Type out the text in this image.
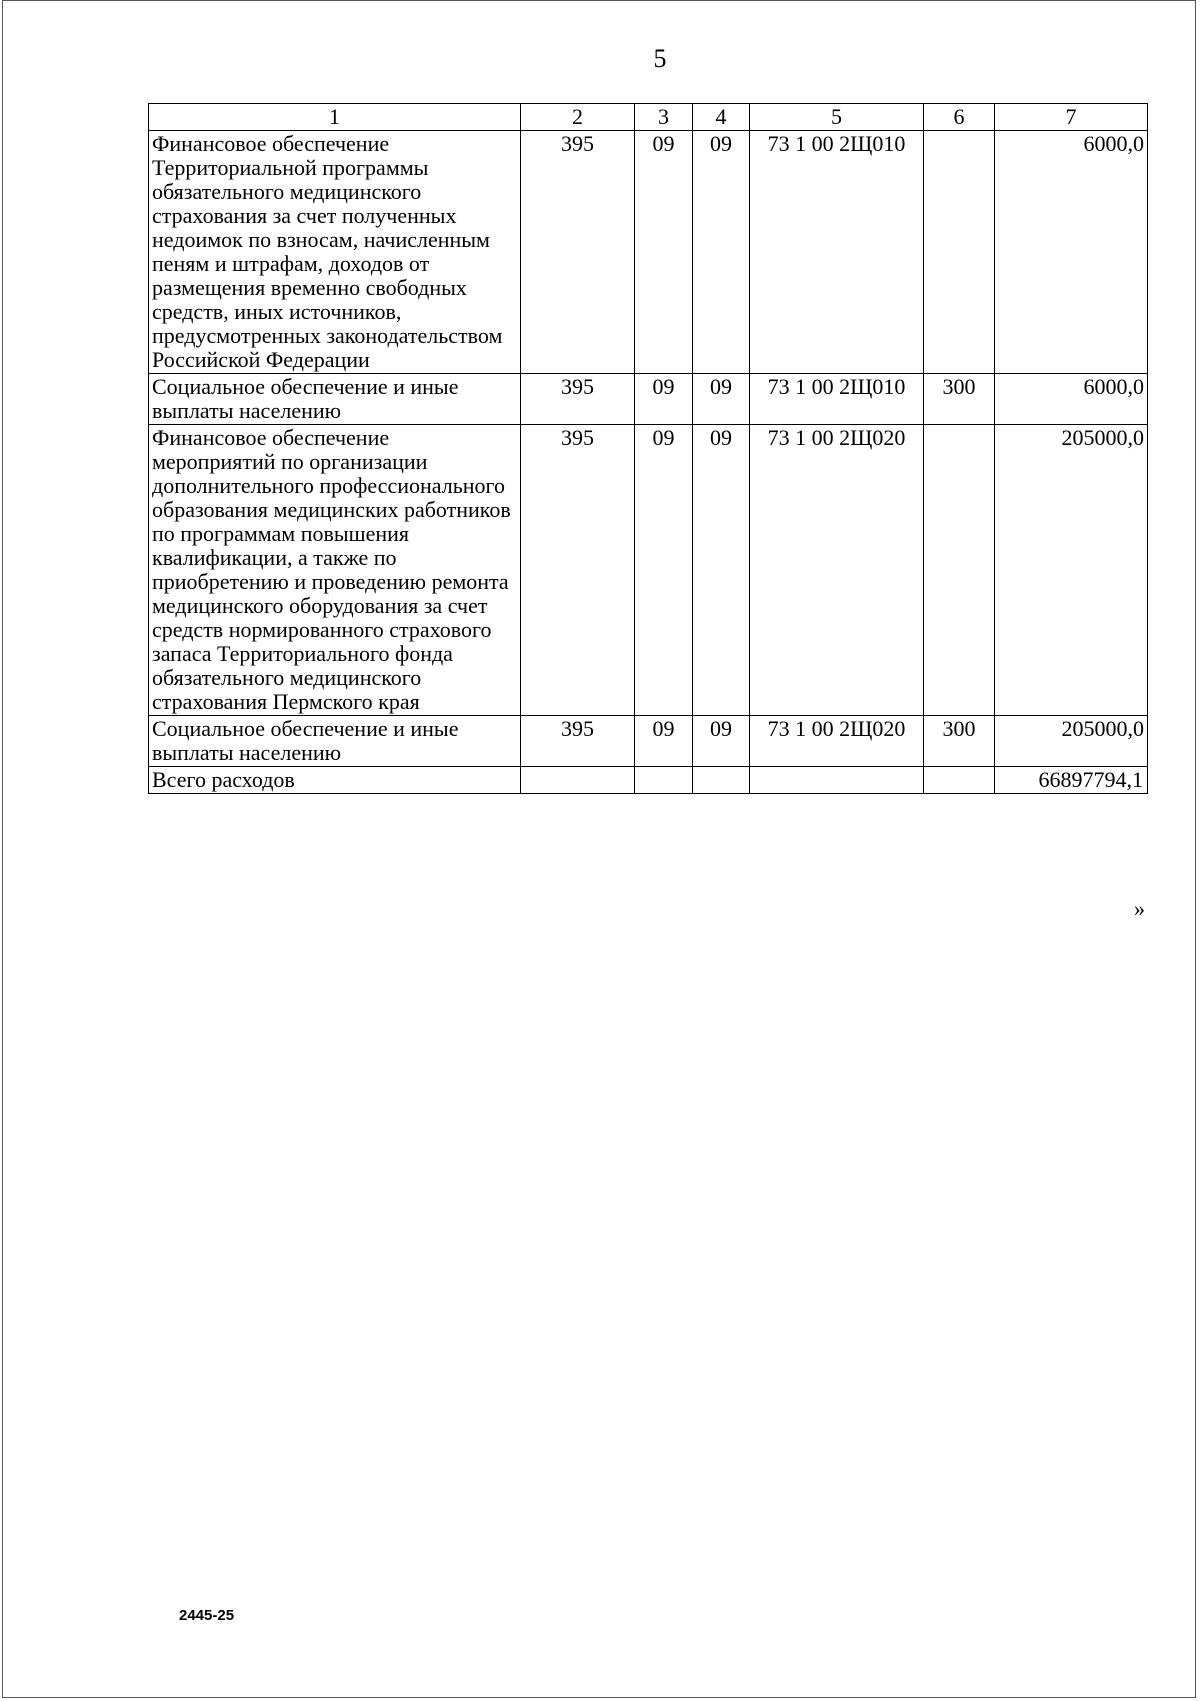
5
1	2	3	4	5	6	7
Финансовое обеспечение Территориальной программы обязательного медицинского страхования за счет полученных недоимок по взносам, начисленным пеням и штрафам, доходов от размещения временно свободных средств, иных источников, предусмотренных законодательством Российской Федерации	395	09	09	73 1 00 2Щ010		6000,0
Социальное обеспечение и иные выплаты населению	395	09	09	73 1 00 2Щ010	300	6000,0
Финансовое обеспечение мероприятий по организации дополнительного профессионального образования медицинских работников по программам повышения квалификации, а также по приобретению и проведению ремонта медицинского оборудования за счет средств нормированного страхового запаса Территориального фонда обязательного медицинского страхования Пермского края	395	09	09	73 1 00 2Щ020		205000,0
Социальное обеспечение и иные выплаты населению	395	09	09	73 1 00 2Щ020	300	205000,0
Всего расходов						66897794,1
»
2445-25
